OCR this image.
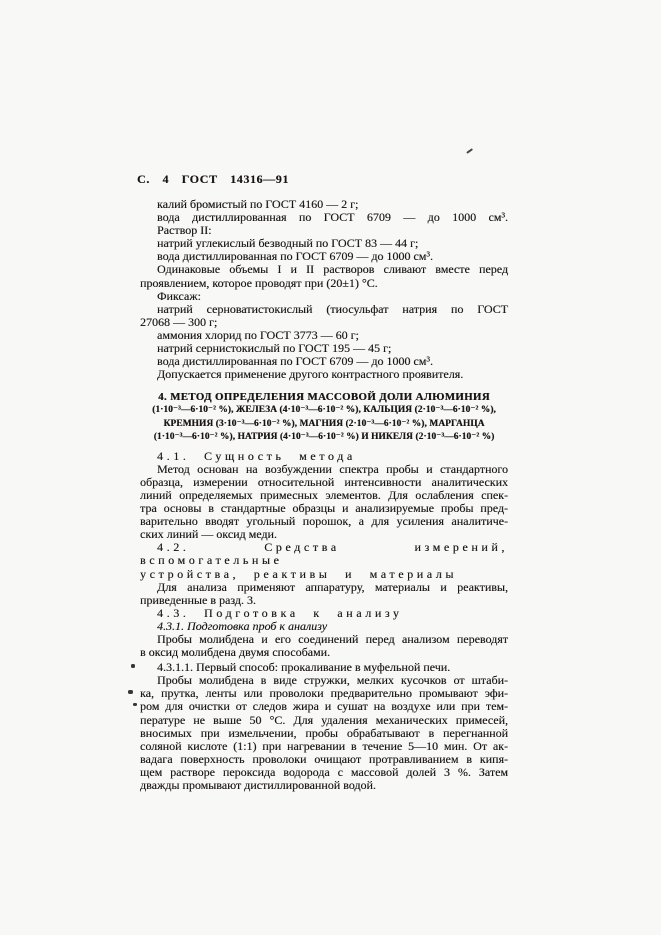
С. 4 ГОСТ 14316—91
калий бромистый по ГОСТ 4160 — 2 г;
вода дистиллированная по ГОСТ 6709 — до 1000 см³.
Раствор II:
натрий углекислый безводный по ГОСТ 83 — 44 г;
вода дистиллированная по ГОСТ 6709 — до 1000 см³.
Одинаковые объемы I и II растворов сливают вместе перед
проявлением, которое проводят при (20±1) °С.
Фиксаж:
натрий серноватистокислый (тиосульфат натрия по ГОСТ
27068 — 300 г;
аммония хлорид по ГОСТ 3773 — 60 г;
натрий сернистокислый по ГОСТ 195 — 45 г;
вода дистиллированная по ГОСТ 6709 — до 1000 см³.
Допускается применение другого контрастного проявителя.
4. МЕТОД ОПРЕДЕЛЕНИЯ МАССОВОЙ ДОЛИ АЛЮМИНИЯ
(1·10⁻³—6·10⁻² %), ЖЕЛЕЗА (4·10⁻³—6·10⁻² %), КАЛЬЦИЯ (2·10⁻³—6·10⁻² %),
КРЕМНИЯ (3·10⁻³—6·10⁻² %), МАГНИЯ (2·10⁻³—6·10⁻² %), МАРГАНЦА
(1·10⁻³—6·10⁻² %), НАТРИЯ (4·10⁻³—6·10⁻² %) И НИКЕЛЯ (2·10⁻³—6·10⁻² %)
4.1. Сущность метода
Метод основан на возбуждении спектра пробы и стандартного
образца, измерении относительной интенсивности аналитических
линий определяемых примесных элементов. Для ослабления спек-
тра основы в стандартные образцы и анализируемые пробы пред-
варительно вводят угольный порошок, а для усиления аналитиче-
ских линий — оксид меди.
4.2. Средства измерений, вспомогательные
устройства, реактивы и материалы
Для анализа применяют аппаратуру, материалы и реактивы,
приведенные в разд. 3.
4.3. Подготовка к анализу
4.3.1. Подготовка проб к анализу
Пробы молибдена и его соединений перед анализом переводят
в оксид молибдена двумя способами.
4.3.1.1. Первый способ: прокаливание в муфельной печи.
Пробы молибдена в виде стружки, мелких кусочков от штаби-
ка, прутка, ленты или проволоки предварительно промывают эфи-
ром для очистки от следов жира и сушат на воздухе или при тем-
пературе не выше 50 °С. Для удаления механических примесей,
вносимых при измельчении, пробы обрабатывают в перегнанной
соляной кислоте (1:1) при нагревании в течение 5—10 мин. От ак-
вадага поверхность проволоки очищают протравливанием в кипя-
щем растворе пероксида водорода с массовой долей 3 %. Затем
дважды промывают дистиллированной водой.
